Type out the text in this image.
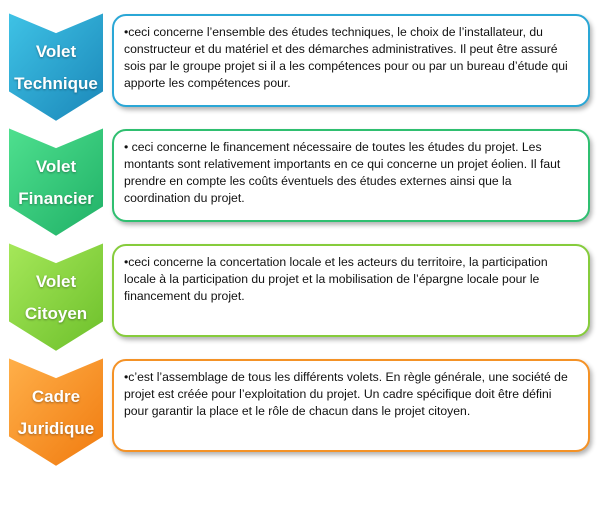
Volet
Technique

•ceci concerne l’ensemble des études techniques, le choix de l’installateur, du constructeur et du matériel et des démarches administratives. Il peut être assuré sois par le groupe projet si il a les compétences pour ou par un bureau d’étude qui apporte les compétences pour.

Volet
Financier

• ceci concerne le financement nécessaire de toutes les études du projet. Les montants sont relativement importants en ce qui concerne un projet éolien. Il faut prendre en compte les coûts éventuels des études externes ainsi que la coordination du projet.

Volet
Citoyen

•ceci concerne la concertation locale et les acteurs du territoire, la participation locale à la participation du projet et la mobilisation de l’épargne locale pour le financement du projet.

Cadre
Juridique

•c’est l’assemblage de tous les différents volets. En règle générale, une société de projet est créée pour l’exploitation du projet. Un cadre spécifique doit être défini pour garantir la place et le rôle de chacun dans le projet citoyen.
